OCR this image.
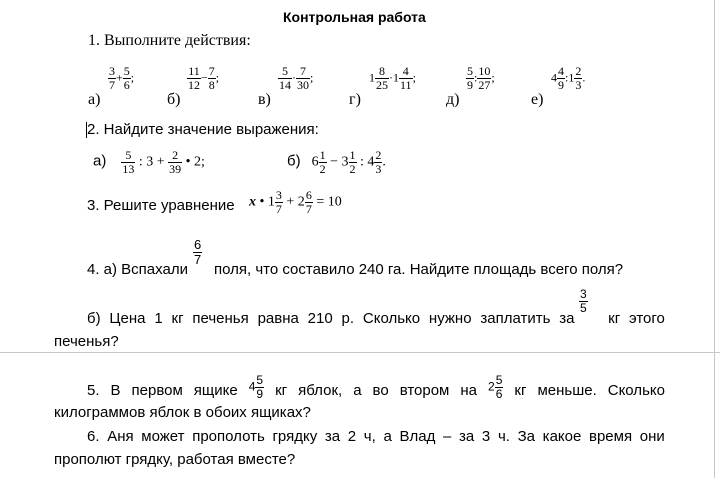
Контрольная работа
1. Выполните действия:
а)
$\frac{3}{7} + \frac{5}{6}$ ;
б)
$\frac{11}{12} - \frac{7}{8}$ ;
в)
$\frac{5}{14} \cdot \frac{7}{30}$ ;
г)
$1 \frac{8}{25} \cdot 1 \frac{4}{11}$ ;
д)
$\frac{5}{9}$ : $\frac{10}{27}$ ;
е)
$4 \frac{4}{9}$ :1 $\frac{2}{3}$ .
2. Найдите значение выражения:
$а) \frac{5}{13}$ : $3 + \frac{2}{39}$ • 2;	б) $6 \frac{1}{2} - 3 \frac{1}{2}$ : $4 \frac{2}{3}$ .
3. Решите уравнение x • $1 \frac{3}{7} + 2 \frac{6}{7} = 10$
4. а) Вспахали
$\frac{6}{7}$
поля, что составило 240 га. Найдите площадь всего поля?
б) Цена 1 кг печенья равна 210 р. Сколько нужно заплатить за кг этого
$\frac{3}{5}$
печенья?
5. В первом ящике $4 \frac{5}{9}$ кг яблок, а во втором на $2 \frac{5}{6}$ кг меньше. Сколько
килограммов яблок в обоих ящиках?
6. Аня может прополоть грядку за 2 ч, а Влад – за 3 ч. За какое время они
прополют грядку, работая вместе?
